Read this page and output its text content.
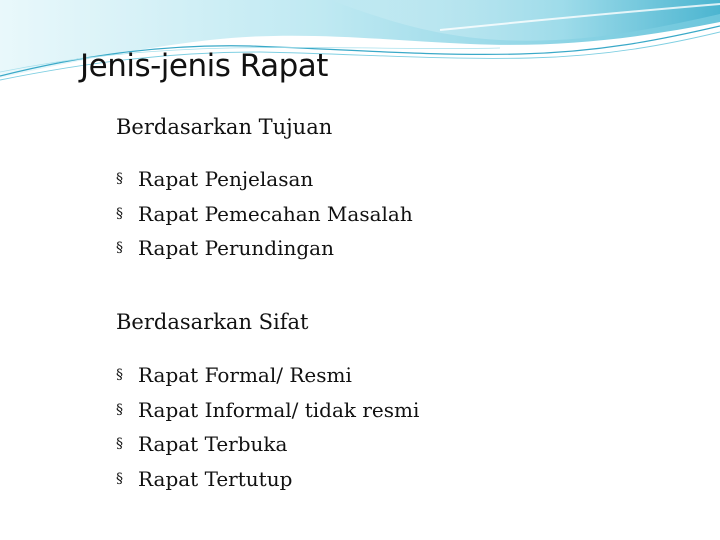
Jenis-jenis Rapat
Berdasarkan Tujuan
§ Rapat Penjelasan
§ Rapat Pemecahan Masalah
§ Rapat Perundingan
Berdasarkan Sifat
§ Rapat Formal/ Resmi
§ Rapat Informal/ tidak resmi
§ Rapat Terbuka
§ Rapat Tertutup
